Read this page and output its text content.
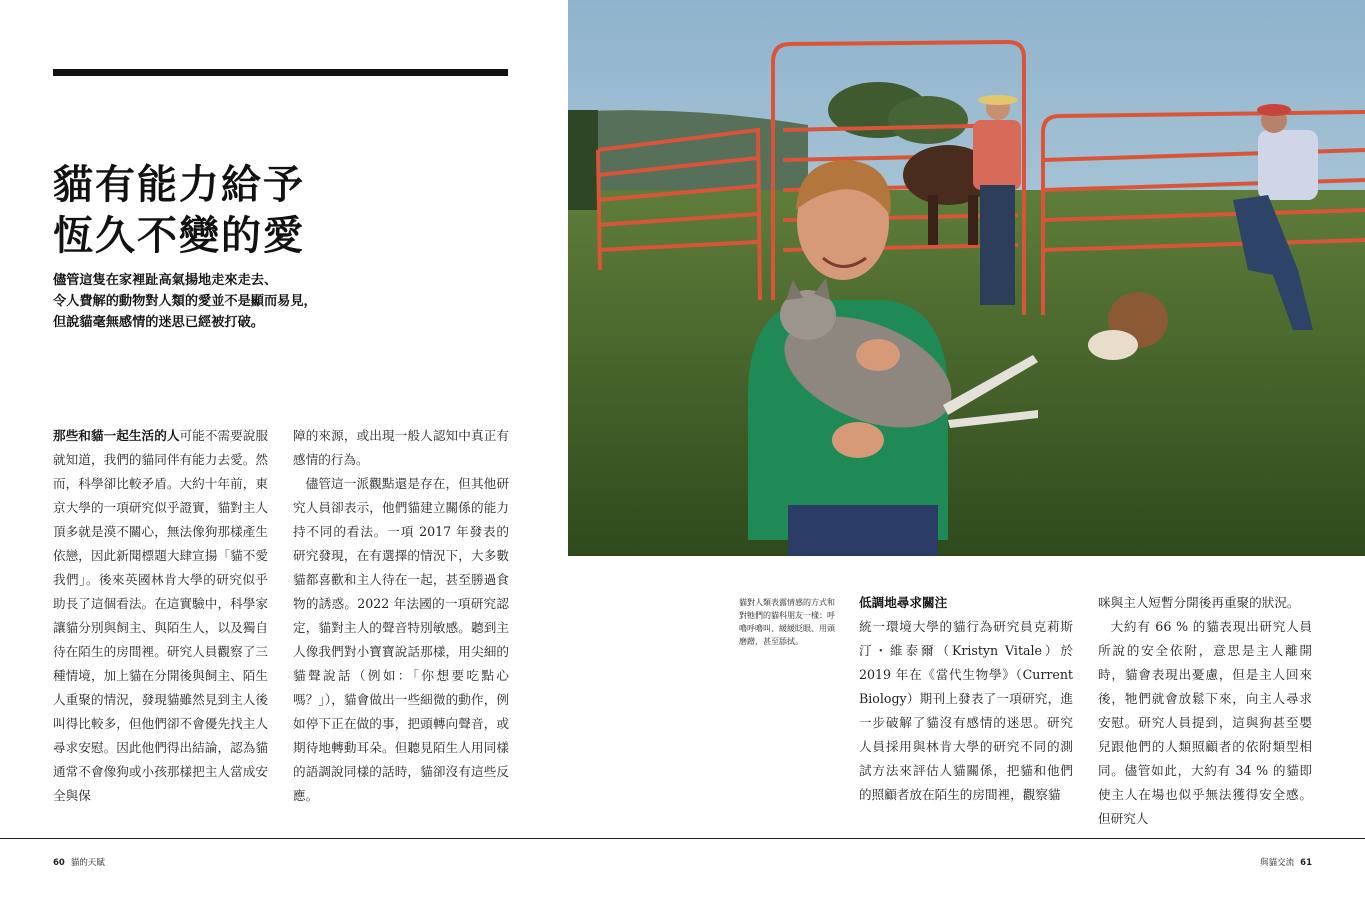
貓有能力給予
恆久不變的愛
儘管這隻在家裡趾高氣揚地走來走去、
令人費解的動物對人類的愛並不是顯而易見，
但說貓毫無感情的迷思已經被打破。

那些和貓一起生活的人可能不需要說服就知道，我們的貓同伴有能力去愛。然而，科學卻比較矛盾。大約十年前，東京大學的一項研究似乎證實，貓對主人頂多就是漠不關心，無法像狗那樣產生依戀，因此新聞標題大肆宣揚「貓不愛我們」。後來英國林肯大學的研究似乎助長了這個看法。在這實驗中，科學家讓貓分別與飼主、與陌生人，以及獨自待在陌生的房間裡。研究人員觀察了三種情境，加上貓在分開後與飼主、陌生人重聚的情況，發現貓雖然見到主人後叫得比較多，但他們卻不會優先找主人尋求安慰。因此他們得出結論，認為貓通常不會像狗或小孩那樣把主人當成安全與保

障的來源，或出現一般人認知中真正有感情的行為。

儘管這一派觀點還是存在，但其他研究人員卻表示，他們貓建立關係的能力持不同的看法。一項 2017 年發表的研究發現，在有選擇的情況下，大多數貓都喜歡和主人待在一起，甚至勝過食物的誘惑。2022 年法國的一項研究認定，貓對主人的聲音特別敏感。聽到主人像我們對小寶寶說話那樣，用尖細的貓聲說話（例如：「你想要吃點心嗎？」），貓會做出一些細微的動作，例如停下正在做的事，把頭轉向聲音，或期待地轉動耳朵。但聽見陌生人用同樣的語調說同樣的話時，貓卻沒有這些反應。

貓對人類表露情感的方式和對牠們的貓科朋友一樣：呼嚕呼嚕叫、緩緩眨眼、用頭磨蹭，甚至舔拭。

低調地尋求關注

統一環境大學的貓行為研究員克莉斯汀・維泰爾（Kristyn Vitale）於 2019 年在《當代生物學》（Current Biology）期刊上發表了一項研究，進一步破解了貓沒有感情的迷思。研究人員採用與林肯大學的研究不同的測試方法來評估人貓關係，把貓和他們的照顧者放在陌生的房間裡，觀察貓

咪與主人短暫分開後再重聚的狀況。

大約有 66 % 的貓表現出研究人員所說的安全依附，意思是主人離開時，貓會表現出憂慮，但是主人回來後，牠們就會放鬆下來，向主人尋求安慰。研究人員提到，這與狗甚至嬰兒跟他們的人類照顧者的依附類型相同。儘管如此，大約有 34 % 的貓即使主人在場也似乎無法獲得安全感。但研究人

60 貓的天賦	與貓交流 61
